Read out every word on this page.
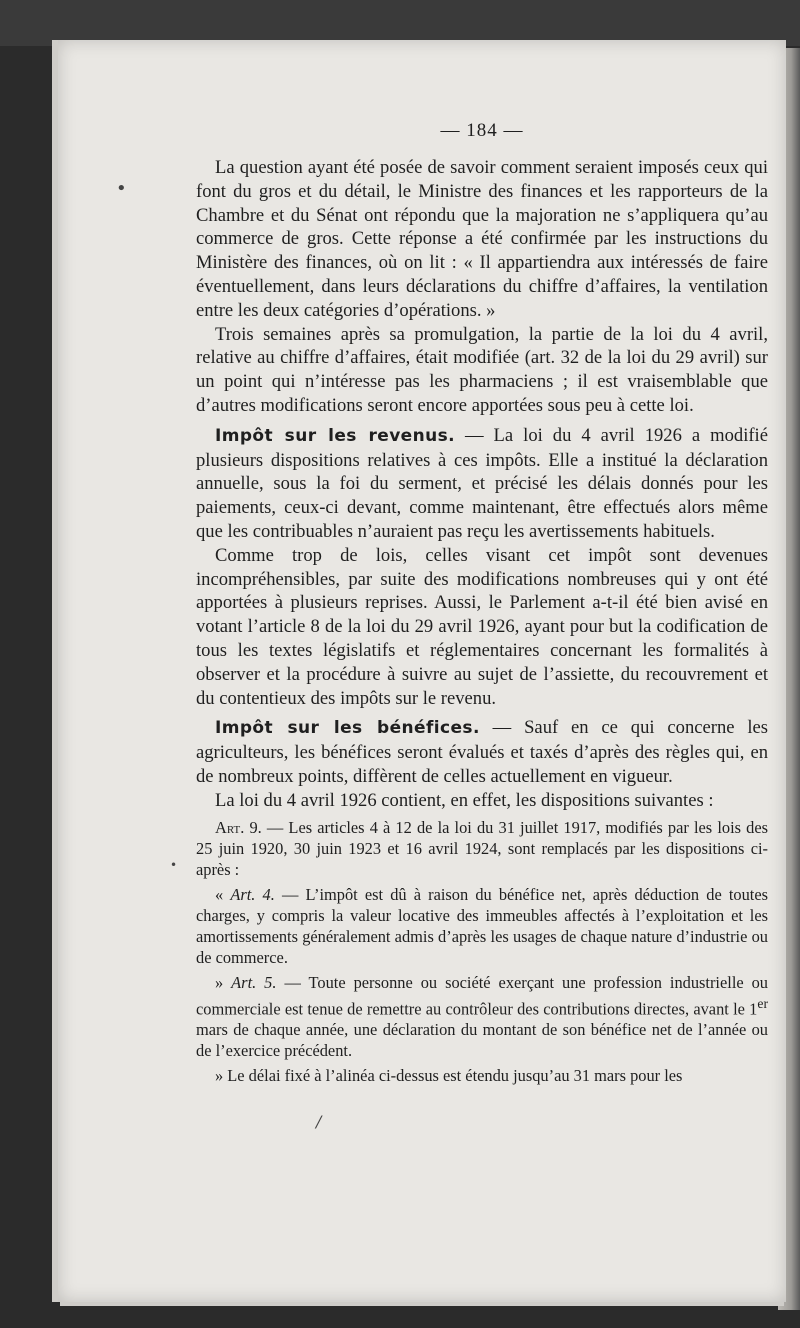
•
•
/
— 184 —

La question ayant été posée de savoir comment seraient imposés ceux qui font du gros et du détail, le Ministre des finances et les rapporteurs de la Chambre et du Sénat ont répondu que la majoration ne s’appliquera qu’au commerce de gros. Cette réponse a été confirmée par les instructions du Ministère des finances, où on lit : « Il appartiendra aux intéressés de faire éventuellement, dans leurs déclarations du chiffre d’affaires, la ventilation entre les deux catégories d’opérations. »

Trois semaines après sa promulgation, la partie de la loi du 4 avril, relative au chiffre d’affaires, était modifiée (art. 32 de la loi du 29 avril) sur un point qui n’intéresse pas les pharmaciens ; il est vraisemblable que d’autres modifications seront encore apportées sous peu à cette loi.

Impôt sur les revenus. — La loi du 4 avril 1926 a modifié plusieurs dispositions relatives à ces impôts. Elle a institué la déclaration annuelle, sous la foi du serment, et précisé les délais donnés pour les paiements, ceux-ci devant, comme maintenant, être effectués alors même que les contribuables n’auraient pas reçu les avertissements habituels.

Comme trop de lois, celles visant cet impôt sont devenues incompréhensibles, par suite des modifications nombreuses qui y ont été apportées à plusieurs reprises. Aussi, le Parlement a-t-il été bien avisé en votant l’article 8 de la loi du 29 avril 1926, ayant pour but la codification de tous les textes législatifs et réglementaires concernant les formalités à observer et la procédure à suivre au sujet de l’assiette, du recouvrement et du contentieux des impôts sur le revenu.

Impôt sur les bénéfices. — Sauf en ce qui concerne les agriculteurs, les bénéfices seront évalués et taxés d’après des règles qui, en de nombreux points, diffèrent de celles actuellement en vigueur.

La loi du 4 avril 1926 contient, en effet, les dispositions suivantes :

Art. 9. — Les articles 4 à 12 de la loi du 31 juillet 1917, modifiés par les lois des 25 juin 1920, 30 juin 1923 et 16 avril 1924, sont remplacés par les dispositions ci-après :

« Art. 4. — L’impôt est dû à raison du bénéfice net, après déduction de toutes charges, y compris la valeur locative des immeubles affectés à l’exploitation et les amortissements généralement admis d’après les usages de chaque nature d’industrie ou de commerce.

» Art. 5. — Toute personne ou société exerçant une profession industrielle ou commerciale est tenue de remettre au contrôleur des contributions directes, avant le 1er mars de chaque année, une déclaration du montant de son bénéfice net de l’année ou de l’exercice précédent.

» Le délai fixé à l’alinéa ci-dessus est étendu jusqu’au 31 mars pour les
